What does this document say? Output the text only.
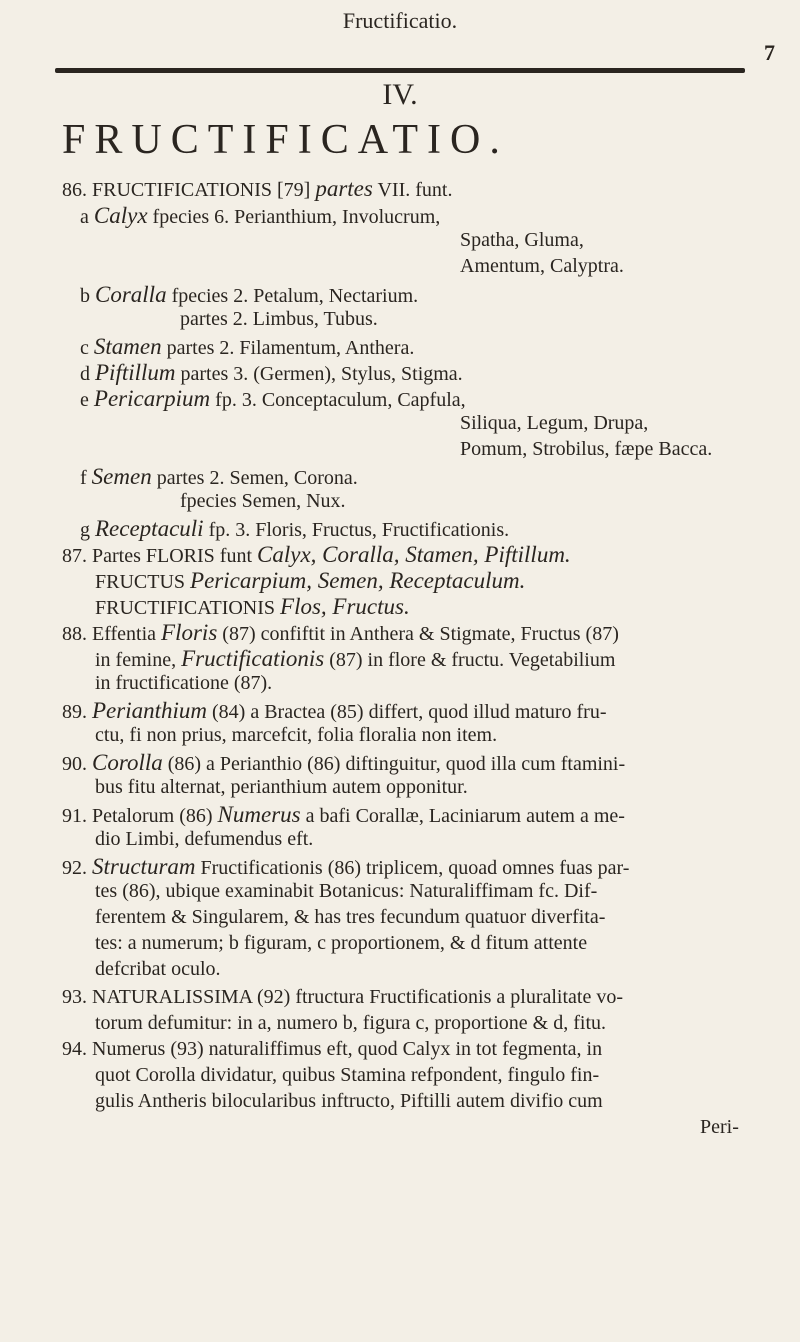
Fructificatio.
7
IV.
FRUCTIFICATIO.
86. FRUCTIFICATIONIS [79] partes VII. funt.
a Calyx fpecies 6. Perianthium, Involucrum,
Spatha, Gluma,
Amentum, Calyptra.
b Coralla fpecies 2. Petalum, Nectarium.
partes 2. Limbus, Tubus.
c Stamen partes 2. Filamentum, Anthera.
d Piftillum partes 3. (Germen), Stylus, Stigma.
e Pericarpium fp. 3. Conceptaculum, Capfula,
Siliqua, Legum, Drupa,
Pomum, Strobilus, fæpe Bacca.
f Semen partes 2. Semen, Corona.
fpecies Semen, Nux.
g Receptaculi fp. 3. Floris, Fructus, Fructificationis.
87. Partes FLORIS funt Calyx, Coralla, Stamen, Piftillum.
FRUCTUS Pericarpium, Semen, Receptaculum.
FRUCTIFICATIONIS Flos, Fructus.
88. Effentia Floris (87) confiftit in Anthera & Stigmate, Fructus (87)
in femine, Fructificationis (87) in flore & fructu. Vegetabilium
in fructificatione (87).
89. Perianthium (84) a Bractea (85) differt, quod illud maturo fru-
ctu, fi non prius, marcefcit, folia floralia non item.
90. Corolla (86) a Perianthio (86) diftinguitur, quod illa cum ftamini-
bus fitu alternat, perianthium autem opponitur.
91. Petalorum (86) Numerus a bafi Corallæ, Laciniarum autem a me-
dio Limbi, defumendus eft.
92. Structuram Fructificationis (86) triplicem, quoad omnes fuas par-
tes (86), ubique examinabit Botanicus: Naturaliffimam fc. Dif-
ferentem & Singularem, & has tres fecundum quatuor diverfita-
tes: a numerum; b figuram, c proportionem, & d fitum attente
defcribat oculo.
93. NATURALISSIMA (92) ftructura Fructificationis a pluralitate vo-
torum defumitur: in a, numero b, figura c, proportione & d, fitu.
94. Numerus (93) naturaliffimus eft, quod Calyx in tot fegmenta, in
quot Corolla dividatur, quibus Stamina refpondent, fingulo fin-
gulis Antheris bilocularibus inftructo, Piftilli autem divifio cum
Peri-
